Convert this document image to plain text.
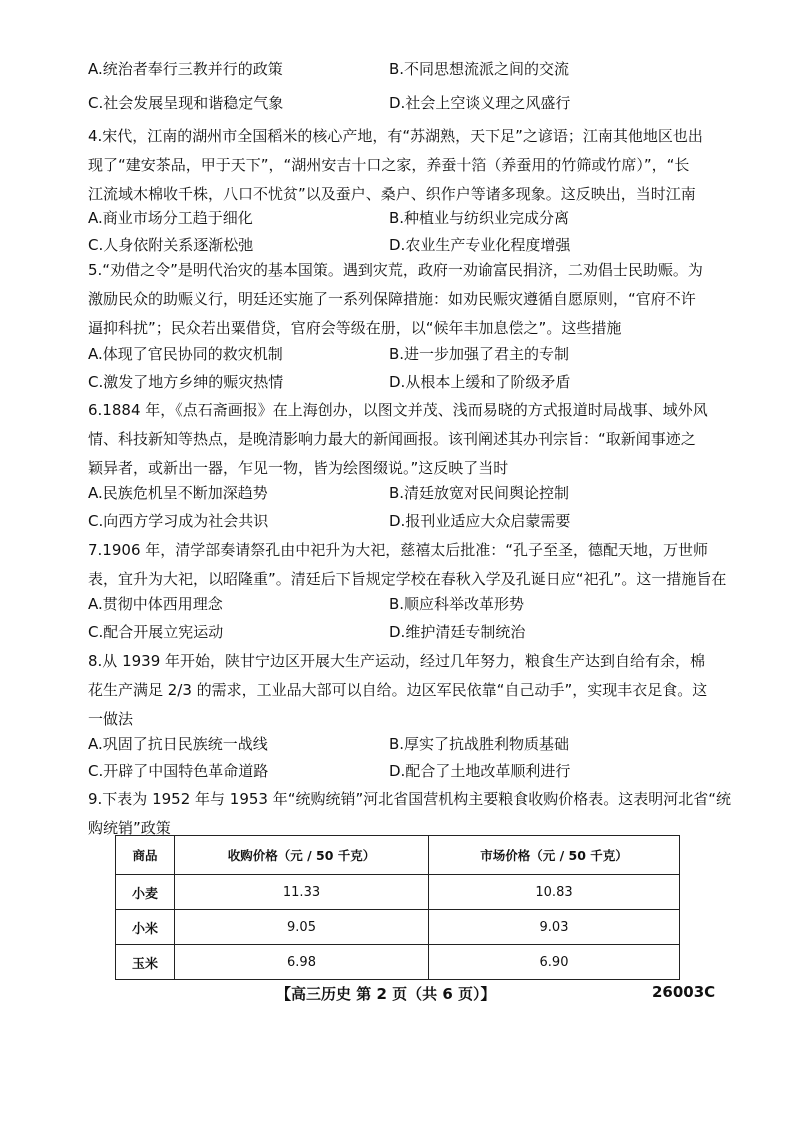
A.统治者奉行三教并行的政策	B.不同思想流派之间的交流
C.社会发展呈现和谐稳定气象	D.社会上空谈义理之风盛行
4.宋代，江南的湖州市全国稻米的核心产地，有“苏湖熟，天下足”之谚语；江南其他地区也出
现了“建安茶品，甲于天下”，“湖州安吉十口之家，养蚕十箔（养蚕用的竹筛或竹席）”，“长
江流域木棉收千株，八口不忧贫”以及蚕户、桑户、织作户等诸多现象。这反映出，当时江南
A.商业市场分工趋于细化	B.种植业与纺织业完成分离
C.人身依附关系逐渐松弛	D.农业生产专业化程度增强
5.“劝借之令”是明代治灾的基本国策。遇到灾荒，政府一劝谕富民捐济，二劝倡士民助赈。为
激励民众的助赈义行，明廷还实施了一系列保障措施：如劝民赈灾遵循自愿原则，“官府不许
逼抑科扰”；民众若出粟借贷，官府会等级在册，以“候年丰加息偿之”。这些措施
A.体现了官民协同的救灾机制	B.进一步加强了君主的专制
C.激发了地方乡绅的赈灾热情	D.从根本上缓和了阶级矛盾
6.1884 年，《点石斋画报》在上海创办，以图文并茂、浅而易晓的方式报道时局战事、域外风
情、科技新知等热点，是晚清影响力最大的新闻画报。该刊阐述其办刊宗旨：“取新闻事迹之
颖异者，或新出一器，乍见一物，皆为绘图缀说。”这反映了当时
A.民族危机呈不断加深趋势	B.清廷放宽对民间舆论控制
C.向西方学习成为社会共识	D.报刊业适应大众启蒙需要
7.1906 年，清学部奏请祭孔由中祀升为大祀，慈禧太后批准：“孔子至圣，德配天地，万世师
表，宜升为大祀，以昭隆重”。清廷后下旨规定学校在春秋入学及孔诞日应“祀孔”。这一措施旨在
A.贯彻中体西用理念	B.顺应科举改革形势
C.配合开展立宪运动	D.维护清廷专制统治
8.从 1939 年开始，陕甘宁边区开展大生产运动，经过几年努力，粮食生产达到自给有余，棉
花生产满足 2/3 的需求，工业品大部可以自给。边区军民依靠“自己动手”，实现丰衣足食。这
一做法
A.巩固了抗日民族统一战线	B.厚实了抗战胜利物质基础
C.开辟了中国特色革命道路	D.配合了土地改革顺利进行
9.下表为 1952 年与 1953 年“统购统销”河北省国营机构主要粮食收购价格表。这表明河北省“统
购统销”政策
商品	收购价格（元 / 50 千克）	市场价格（元 / 50 千克）
小麦	11.33	10.83
小米	9.05	9.03
玉米	6.98	6.90
【高三历史 第 2 页（共 6 页）】	26003C
